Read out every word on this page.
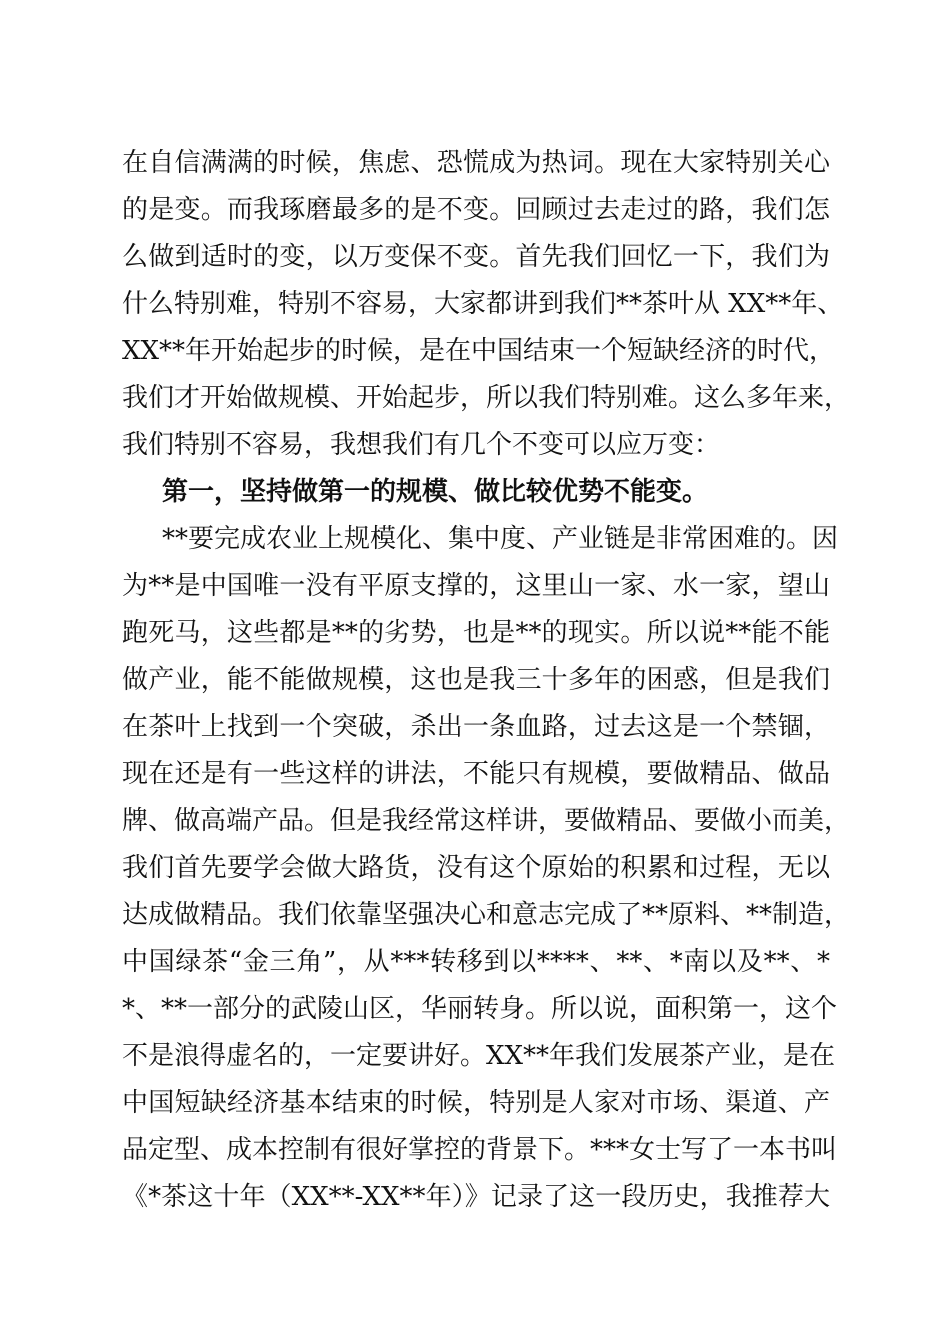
在自信满满的时候，焦虑、恐慌成为热词。现在大家特别关心
的是变。而我琢磨最多的是不变。回顾过去走过的路，我们怎
么做到适时的变，以万变保不变。首先我们回忆一下，我们为
什么特别难，特别不容易，大家都讲到我们**茶叶从 XX**年、
XX**年开始起步的时候，是在中国结束一个短缺经济的时代，
我们才开始做规模、开始起步，所以我们特别难。这么多年来，
我们特别不容易，我想我们有几个不变可以应万变：
第一，坚持做第一的规模、做比较优势不能变。
**要完成农业上规模化、集中度、产业链是非常困难的。因
为**是中国唯一没有平原支撑的，这里山一家、水一家，望山
跑死马，这些都是**的劣势，也是**的现实。所以说**能不能
做产业，能不能做规模，这也是我三十多年的困惑，但是我们
在茶叶上找到一个突破，杀出一条血路，过去这是一个禁锢，
现在还是有一些这样的讲法，不能只有规模，要做精品、做品
牌、做高端产品。但是我经常这样讲，要做精品、要做小而美，
我们首先要学会做大路货，没有这个原始的积累和过程，无以
达成做精品。我们依靠坚强决心和意志完成了**原料、**制造，
中国绿茶“金三角”，从***转移到以****、**、*南以及**、*
*、**一部分的武陵山区，华丽转身。所以说，面积第一，这个
不是浪得虚名的，一定要讲好。XX**年我们发展茶产业，是在
中国短缺经济基本结束的时候，特别是人家对市场、渠道、产
品定型、成本控制有很好掌控的背景下。***女士写了一本书叫
《*茶这十年（XX**-XX**年）》记录了这一段历史，我推荐大
